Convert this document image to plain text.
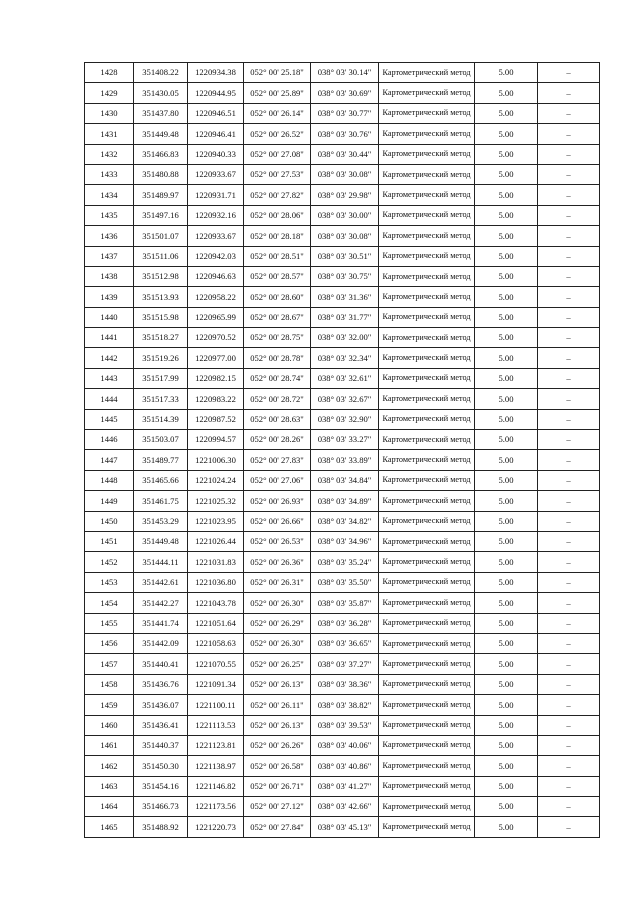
1428	351408.22	1220934.38	052° 00' 25.18"	038° 03' 30.14"	Картометрический метод	5.00	–
1429	351430.05	1220944.95	052° 00' 25.89"	038° 03' 30.69"	Картометрический метод	5.00	–
1430	351437.80	1220946.51	052° 00' 26.14"	038° 03' 30.77"	Картометрический метод	5.00	–
1431	351449.48	1220946.41	052° 00' 26.52"	038° 03' 30.76"	Картометрический метод	5.00	–
1432	351466.83	1220940.33	052° 00' 27.08"	038° 03' 30.44"	Картометрический метод	5.00	–
1433	351480.88	1220933.67	052° 00' 27.53"	038° 03' 30.08"	Картометрический метод	5.00	–
1434	351489.97	1220931.71	052° 00' 27.82"	038° 03' 29.98"	Картометрический метод	5.00	–
1435	351497.16	1220932.16	052° 00' 28.06"	038° 03' 30.00"	Картометрический метод	5.00	–
1436	351501.07	1220933.67	052° 00' 28.18"	038° 03' 30.08"	Картометрический метод	5.00	–
1437	351511.06	1220942.03	052° 00' 28.51"	038° 03' 30.51"	Картометрический метод	5.00	–
1438	351512.98	1220946.63	052° 00' 28.57"	038° 03' 30.75"	Картометрический метод	5.00	–
1439	351513.93	1220958.22	052° 00' 28.60"	038° 03' 31.36"	Картометрический метод	5.00	–
1440	351515.98	1220965.99	052° 00' 28.67"	038° 03' 31.77"	Картометрический метод	5.00	–
1441	351518.27	1220970.52	052° 00' 28.75"	038° 03' 32.00"	Картометрический метод	5.00	–
1442	351519.26	1220977.00	052° 00' 28.78"	038° 03' 32.34"	Картометрический метод	5.00	–
1443	351517.99	1220982.15	052° 00' 28.74"	038° 03' 32.61"	Картометрический метод	5.00	–
1444	351517.33	1220983.22	052° 00' 28.72"	038° 03' 32.67"	Картометрический метод	5.00	–
1445	351514.39	1220987.52	052° 00' 28.63"	038° 03' 32.90"	Картометрический метод	5.00	–
1446	351503.07	1220994.57	052° 00' 28.26"	038° 03' 33.27"	Картометрический метод	5.00	–
1447	351489.77	1221006.30	052° 00' 27.83"	038° 03' 33.89"	Картометрический метод	5.00	–
1448	351465.66	1221024.24	052° 00' 27.06"	038° 03' 34.84"	Картометрический метод	5.00	–
1449	351461.75	1221025.32	052° 00' 26.93"	038° 03' 34.89"	Картометрический метод	5.00	–
1450	351453.29	1221023.95	052° 00' 26.66"	038° 03' 34.82"	Картометрический метод	5.00	–
1451	351449.48	1221026.44	052° 00' 26.53"	038° 03' 34.96"	Картометрический метод	5.00	–
1452	351444.11	1221031.83	052° 00' 26.36"	038° 03' 35.24"	Картометрический метод	5.00	–
1453	351442.61	1221036.80	052° 00' 26.31"	038° 03' 35.50"	Картометрический метод	5.00	–
1454	351442.27	1221043.78	052° 00' 26.30"	038° 03' 35.87"	Картометрический метод	5.00	–
1455	351441.74	1221051.64	052° 00' 26.29"	038° 03' 36.28"	Картометрический метод	5.00	–
1456	351442.09	1221058.63	052° 00' 26.30"	038° 03' 36.65"	Картометрический метод	5.00	–
1457	351440.41	1221070.55	052° 00' 26.25"	038° 03' 37.27"	Картометрический метод	5.00	–
1458	351436.76	1221091.34	052° 00' 26.13"	038° 03' 38.36"	Картометрический метод	5.00	–
1459	351436.07	1221100.11	052° 00' 26.11"	038° 03' 38.82"	Картометрический метод	5.00	–
1460	351436.41	1221113.53	052° 00' 26.13"	038° 03' 39.53"	Картометрический метод	5.00	–
1461	351440.37	1221123.81	052° 00' 26.26"	038° 03' 40.06"	Картометрический метод	5.00	–
1462	351450.30	1221138.97	052° 00' 26.58"	038° 03' 40.86"	Картометрический метод	5.00	–
1463	351454.16	1221146.82	052° 00' 26.71"	038° 03' 41.27"	Картометрический метод	5.00	–
1464	351466.73	1221173.56	052° 00' 27.12"	038° 03' 42.66"	Картометрический метод	5.00	–
1465	351488.92	1221220.73	052° 00' 27.84"	038° 03' 45.13"	Картометрический метод	5.00	–
